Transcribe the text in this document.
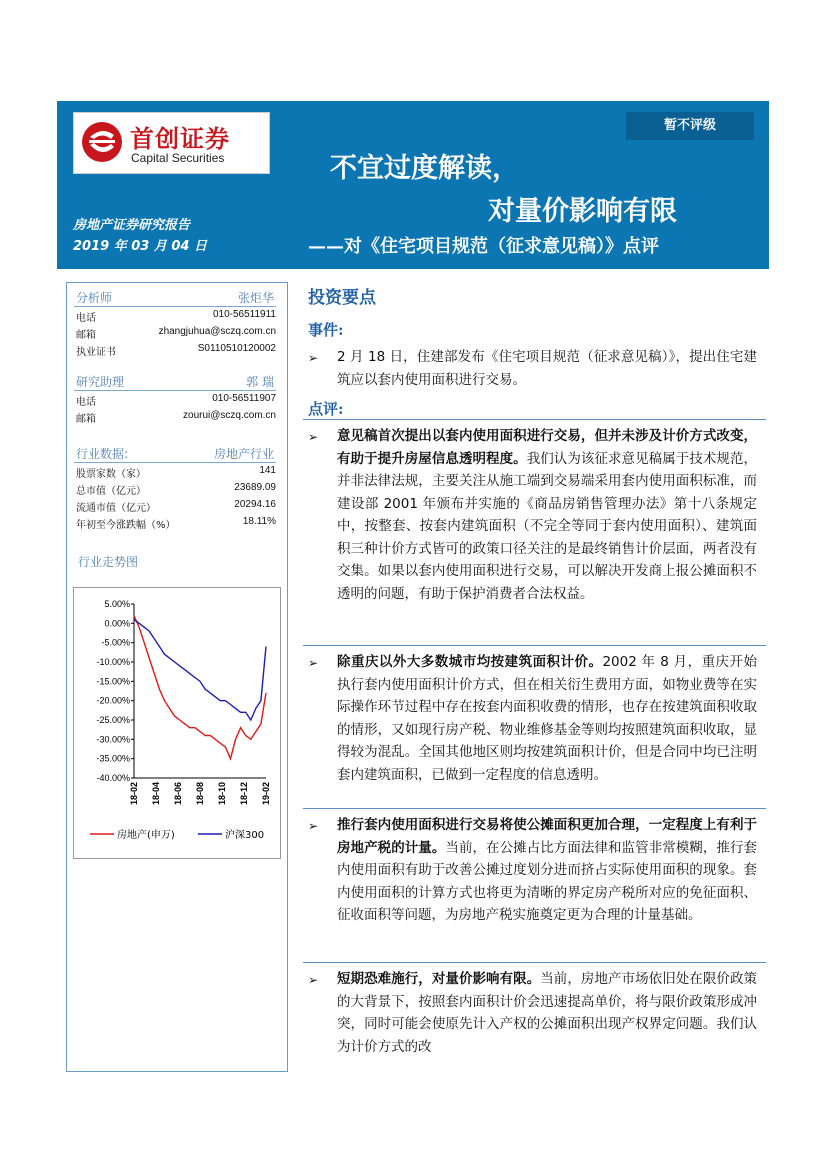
首创证券
Capital Securities
暂不评级
不宜过度解读，
对量价影响有限
——对《住宅项目规范（征求意见稿）》点评
房地产证券研究报告
2019 年 03 月 04 日
分析师	张炬华
电话	010-56511911
邮箱	zhangjuhua@sczq.com.cn
执业证书	S0110510120002
研究助理	郭 瑞
电话	010-56511907
邮箱	zourui@sczq.com.cn
行业数据:	房地产行业
股票家数（家）	141
总市值（亿元）	23689.09
流通市值（亿元）	20294.16
年初至今涨跌幅（%）	18.11%
行业走势图
5.00%
0.00%
-5.00%
-10.00%
-15.00%
-20.00%
-25.00%
-30.00%
-35.00%
-40.00%
18-02 18-04 18-06 18-08 18-10 18-12 19-02
房地产(申万)	沪深300
投资要点
事件:
➢ 2 月 18 日，住建部发布《住宅项目规范（征求意见稿）》，提出住宅建筑应以套内使用面积进行交易。
点评:
➢ 意见稿首次提出以套内使用面积进行交易，但并未涉及计价方式改变，有助于提升房屋信息透明程度。我们认为该征求意见稿属于技术规范，并非法律法规，主要关注从施工端到交易端采用套内使用面积标准，而建设部 2001 年颁布并实施的《商品房销售管理办法》第十八条规定中，按整套、按套内建筑面积（不完全等同于套内使用面积）、建筑面积三种计价方式皆可的政策口径关注的是最终销售计价层面，两者没有交集。如果以套内使用面积进行交易，可以解决开发商上报公摊面积不透明的问题，有助于保护消费者合法权益。
➢ 除重庆以外大多数城市均按建筑面积计价。2002 年 8 月，重庆开始执行套内使用面积计价方式，但在相关衍生费用方面，如物业费等在实际操作环节过程中存在按套内面积收费的情形，也存在按建筑面积收取的情形，又如现行房产税、物业维修基金等则均按照建筑面积收取，显得较为混乱。全国其他地区则均按建筑面积计价，但是合同中均已注明套内建筑面积，已做到一定程度的信息透明。
➢ 推行套内使用面积进行交易将使公摊面积更加合理，一定程度上有利于房地产税的计量。当前，在公摊占比方面法律和监管非常模糊，推行套内使用面积有助于改善公摊过度划分进而挤占实际使用面积的现象。套内使用面积的计算方式也将更为清晰的界定房产税所对应的免征面积、征收面积等问题，为房地产税实施奠定更为合理的计量基础。
➢ 短期恐难施行，对量价影响有限。当前，房地产市场依旧处在限价政策的大背景下，按照套内面积计价会迅速提高单价，将与限价政策形成冲突，同时可能会使原先计入产权的公摊面积出现产权界定问题。我们认为计价方式的改
